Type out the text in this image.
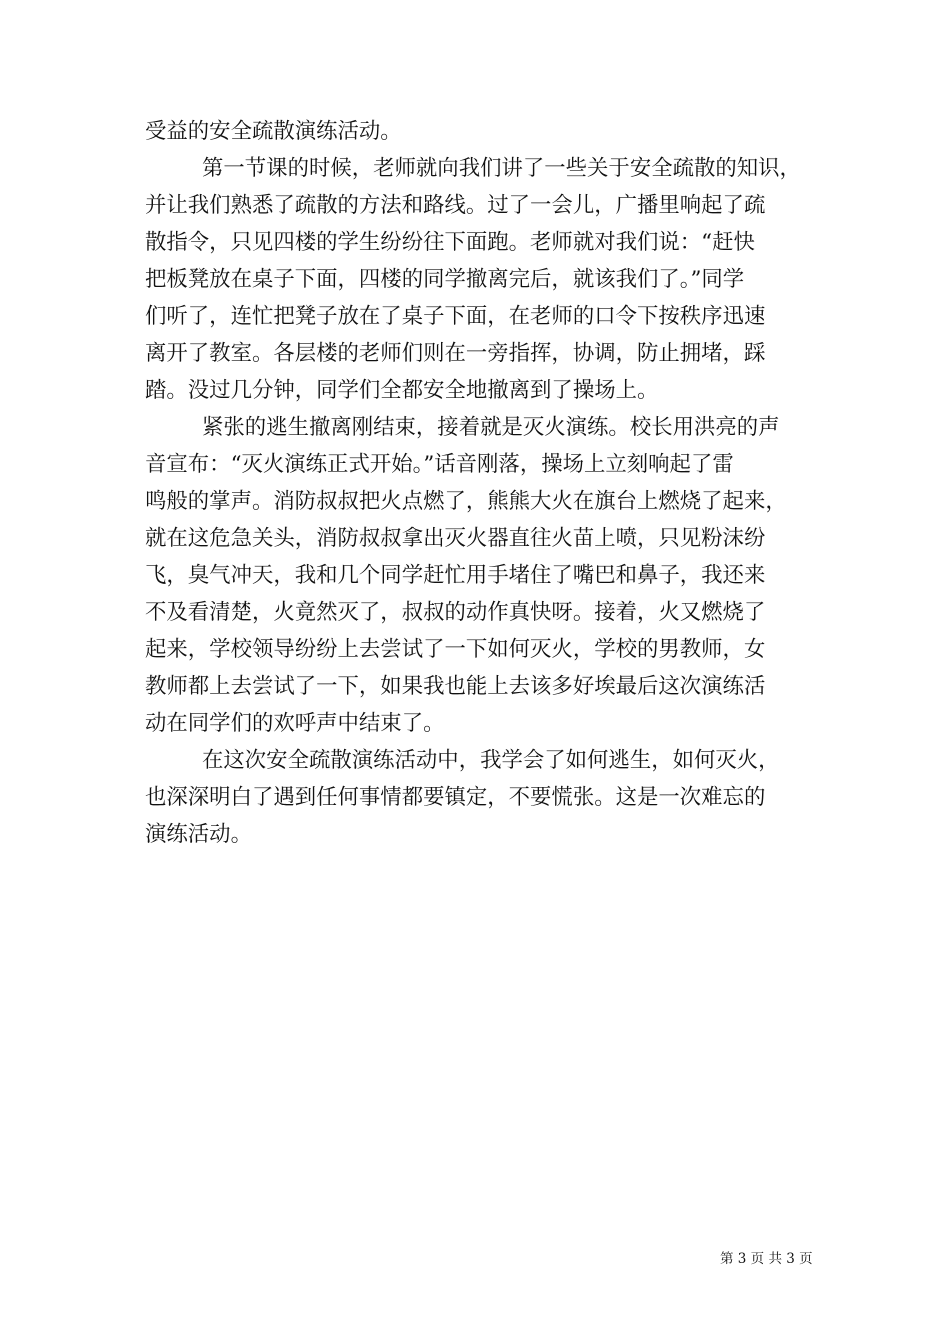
受益的安全疏散演练活动。
第一节课的时候，老师就向我们讲了一些关于安全疏散的知识，
并让我们熟悉了疏散的方法和路线。过了一会儿，广播里响起了疏
散指令，只见四楼的学生纷纷往下面跑。老师就对我们说：“赶快
把板凳放在桌子下面，四楼的同学撤离完后，就该我们了。”同学
们听了，连忙把凳子放在了桌子下面，在老师的口令下按秩序迅速
离开了教室。各层楼的老师们则在一旁指挥，协调，防止拥堵，踩
踏。没过几分钟，同学们全都安全地撤离到了操场上。
紧张的逃生撤离刚结束，接着就是灭火演练。校长用洪亮的声
音宣布：“灭火演练正式开始。”话音刚落，操场上立刻响起了雷
鸣般的掌声。消防叔叔把火点燃了，熊熊大火在旗台上燃烧了起来，
就在这危急关头，消防叔叔拿出灭火器直往火苗上喷，只见粉沫纷
飞，臭气冲天，我和几个同学赶忙用手堵住了嘴巴和鼻子，我还来
不及看清楚，火竟然灭了，叔叔的动作真快呀。接着，火又燃烧了
起来，学校领导纷纷上去尝试了一下如何灭火，学校的男教师，女
教师都上去尝试了一下，如果我也能上去该多好埃最后这次演练活
动在同学们的欢呼声中结束了。
在这次安全疏散演练活动中，我学会了如何逃生，如何灭火，
也深深明白了遇到任何事情都要镇定，不要慌张。这是一次难忘的
演练活动。
第 3 页 共 3 页
